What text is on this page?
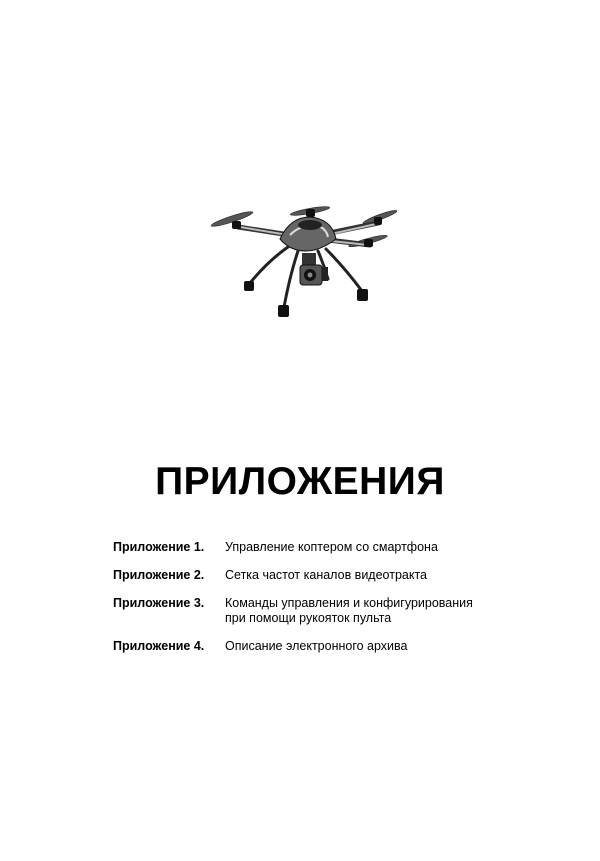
ПРИЛОЖЕНИЯ
Приложение 1.	Управление коптером со смартфона
Приложение 2.	Сетка частот каналов видеотракта
Приложение 3.	Команды управления и конфигурирования
при помощи рукояток пульта
Приложение 4.	Описание электронного архива
